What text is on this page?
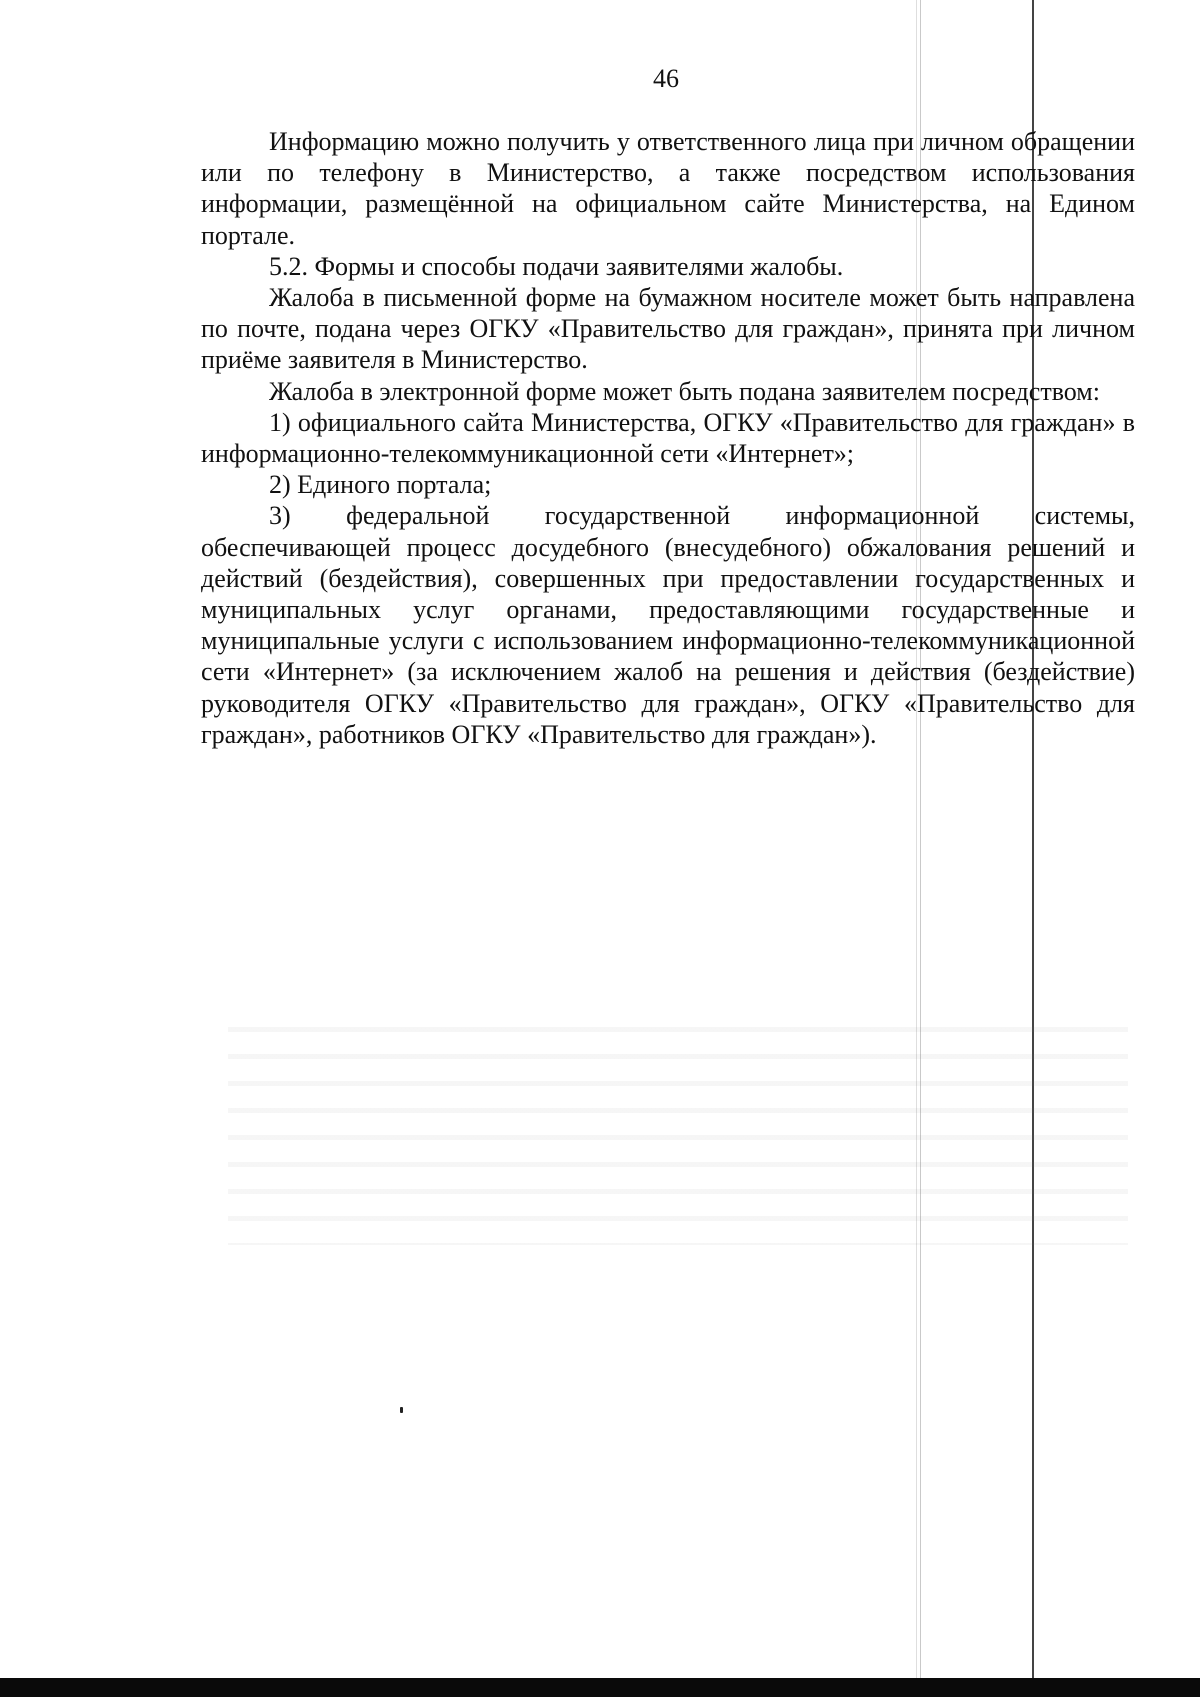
46

Информацию можно получить у ответственного лица при личном обращении или по телефону в Министерство, а также посредством использования информации, размещённой на официальном сайте Министерства, на Едином портале.

5.2. Формы и способы подачи заявителями жалобы.

Жалоба в письменной форме на бумажном носителе может быть направлена по почте, подана через ОГКУ «Правительство для граждан», принята при личном приёме заявителя в Министерство.

Жалоба в электронной форме может быть подана заявителем посредством:

1) официального сайта Министерства, ОГКУ «Правительство для граждан» в информационно-телекоммуникационной сети «Интернет»;

2) Единого портала;

3) федеральной государственной информационной системы, обеспечивающей процесс досудебного (внесудебного) обжалования решений и действий (бездействия), совершенных при предоставлении государственных и муниципальных услуг органами, предоставляющими государственные и муниципальные услуги с использованием информационно-телекоммуникационной сети «Интернет» (за исключением жалоб на решения и действия (бездействие) руководителя ОГКУ «Правительство для граждан», ОГКУ «Правительство для граждан», работников ОГКУ «Правительство для граждан»).
